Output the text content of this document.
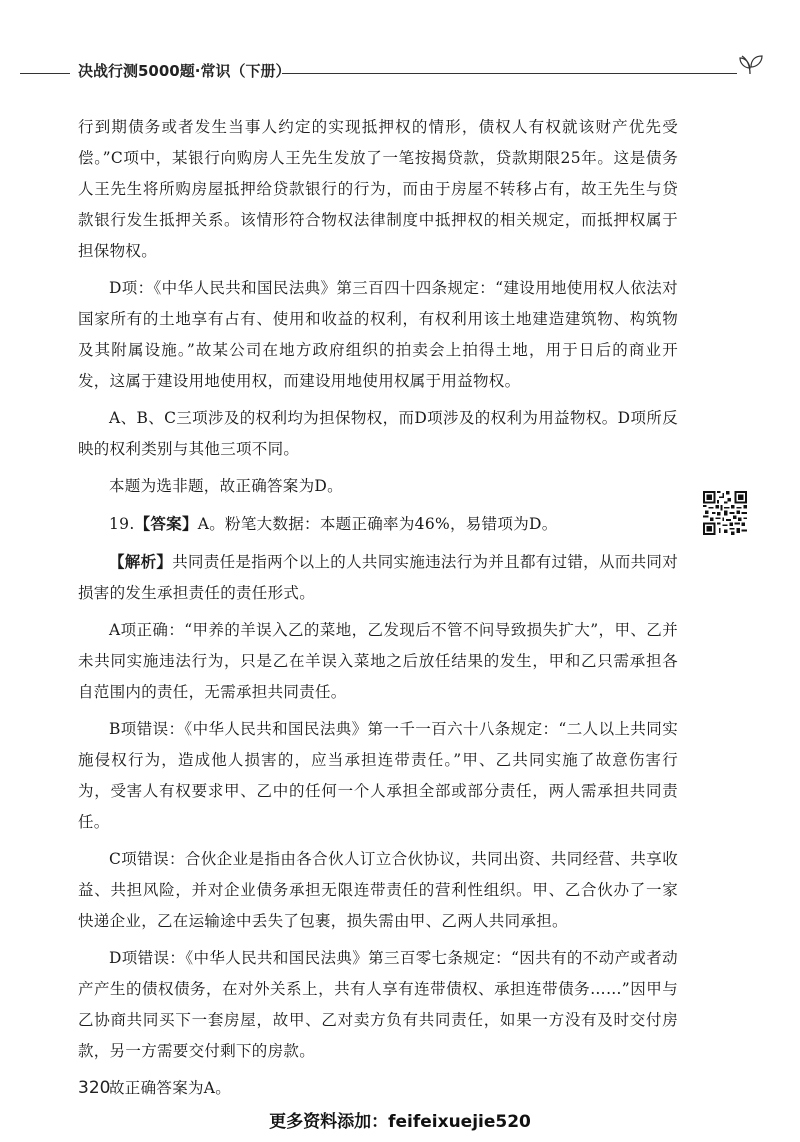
决战行测5000题·常识（下册）

行到期债务或者发生当事人约定的实现抵押权的情形，债权人有权就该财产优先受偿。”C项中，某银行向购房人王先生发放了一笔按揭贷款，贷款期限25年。这是债务人王先生将所购房屋抵押给贷款银行的行为，而由于房屋不转移占有，故王先生与贷款银行发生抵押关系。该情形符合物权法律制度中抵押权的相关规定，而抵押权属于担保物权。

D项：《中华人民共和国民法典》第三百四十四条规定：“建设用地使用权人依法对国家所有的土地享有占有、使用和收益的权利，有权利用该土地建造建筑物、构筑物及其附属设施。”故某公司在地方政府组织的拍卖会上拍得土地，用于日后的商业开发，这属于建设用地使用权，而建设用地使用权属于用益物权。

A、B、C三项涉及的权利均为担保物权，而D项涉及的权利为用益物权。D项所反映的权利类别与其他三项不同。

本题为选非题，故正确答案为D。

19.【答案】A。粉笔大数据：本题正确率为46%，易错项为D。

【解析】共同责任是指两个以上的人共同实施违法行为并且都有过错，从而共同对损害的发生承担责任的责任形式。

A项正确：“甲养的羊误入乙的菜地，乙发现后不管不问导致损失扩大”，甲、乙并未共同实施违法行为，只是乙在羊误入菜地之后放任结果的发生，甲和乙只需承担各自范围内的责任，无需承担共同责任。

B项错误：《中华人民共和国民法典》第一千一百六十八条规定：“二人以上共同实施侵权行为，造成他人损害的，应当承担连带责任。”甲、乙共同实施了故意伤害行为，受害人有权要求甲、乙中的任何一个人承担全部或部分责任，两人需承担共同责任。

C项错误：合伙企业是指由各合伙人订立合伙协议，共同出资、共同经营、共享收益、共担风险，并对企业债务承担无限连带责任的营利性组织。甲、乙合伙办了一家快递企业，乙在运输途中丢失了包裹，损失需由甲、乙两人共同承担。

D项错误：《中华人民共和国民法典》第三百零七条规定：“因共有的不动产或者动产产生的债权债务，在对外关系上，共有人享有连带债权、承担连带债务……”因甲与乙协商共同买下一套房屋，故甲、乙对卖方负有共同责任，如果一方没有及时交付房款，另一方需要交付剩下的房款。

故正确答案为A。

320
更多资料添加：feifeixuejie520
